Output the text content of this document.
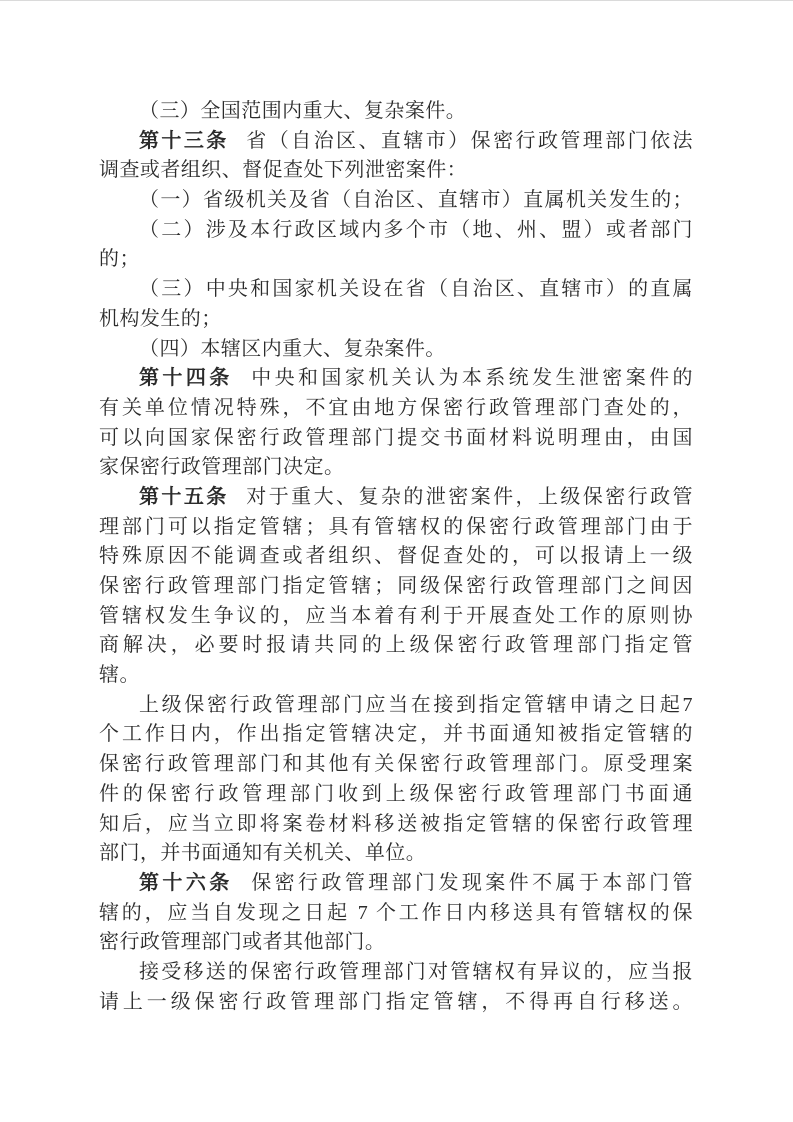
（三）全国范围内重大、复杂案件。
第十三条 省（自治区、直辖市）保密行政管理部门依法
调查或者组织、督促查处下列泄密案件：
（一）省级机关及省（自治区、直辖市）直属机关发生的；
（二）涉及本行政区域内多个市（地、州、盟）或者部门
的；
（三）中央和国家机关设在省（自治区、直辖市）的直属
机构发生的；
（四）本辖区内重大、复杂案件。
第十四条 中央和国家机关认为本系统发生泄密案件的
有关单位情况特殊，不宜由地方保密行政管理部门查处的，
可以向国家保密行政管理部门提交书面材料说明理由，由国
家保密行政管理部门决定。
第十五条 对于重大、复杂的泄密案件，上级保密行政管
理部门可以指定管辖；具有管辖权的保密行政管理部门由于
特殊原因不能调查或者组织、督促查处的，可以报请上一级
保密行政管理部门指定管辖；同级保密行政管理部门之间因
管辖权发生争议的，应当本着有利于开展查处工作的原则协
商解决，必要时报请共同的上级保密行政管理部门指定管
辖。
上级保密行政管理部门应当在接到指定管辖申请之日起7
个工作日内，作出指定管辖决定，并书面通知被指定管辖的
保密行政管理部门和其他有关保密行政管理部门。原受理案
件的保密行政管理部门收到上级保密行政管理部门书面通
知后，应当立即将案卷材料移送被指定管辖的保密行政管理
部门，并书面通知有关机关、单位。
第十六条 保密行政管理部门发现案件不属于本部门管
辖的，应当自发现之日起 7 个工作日内移送具有管辖权的保
密行政管理部门或者其他部门。
接受移送的保密行政管理部门对管辖权有异议的，应当报
请上一级保密行政管理部门指定管辖，不得再自行移送。
